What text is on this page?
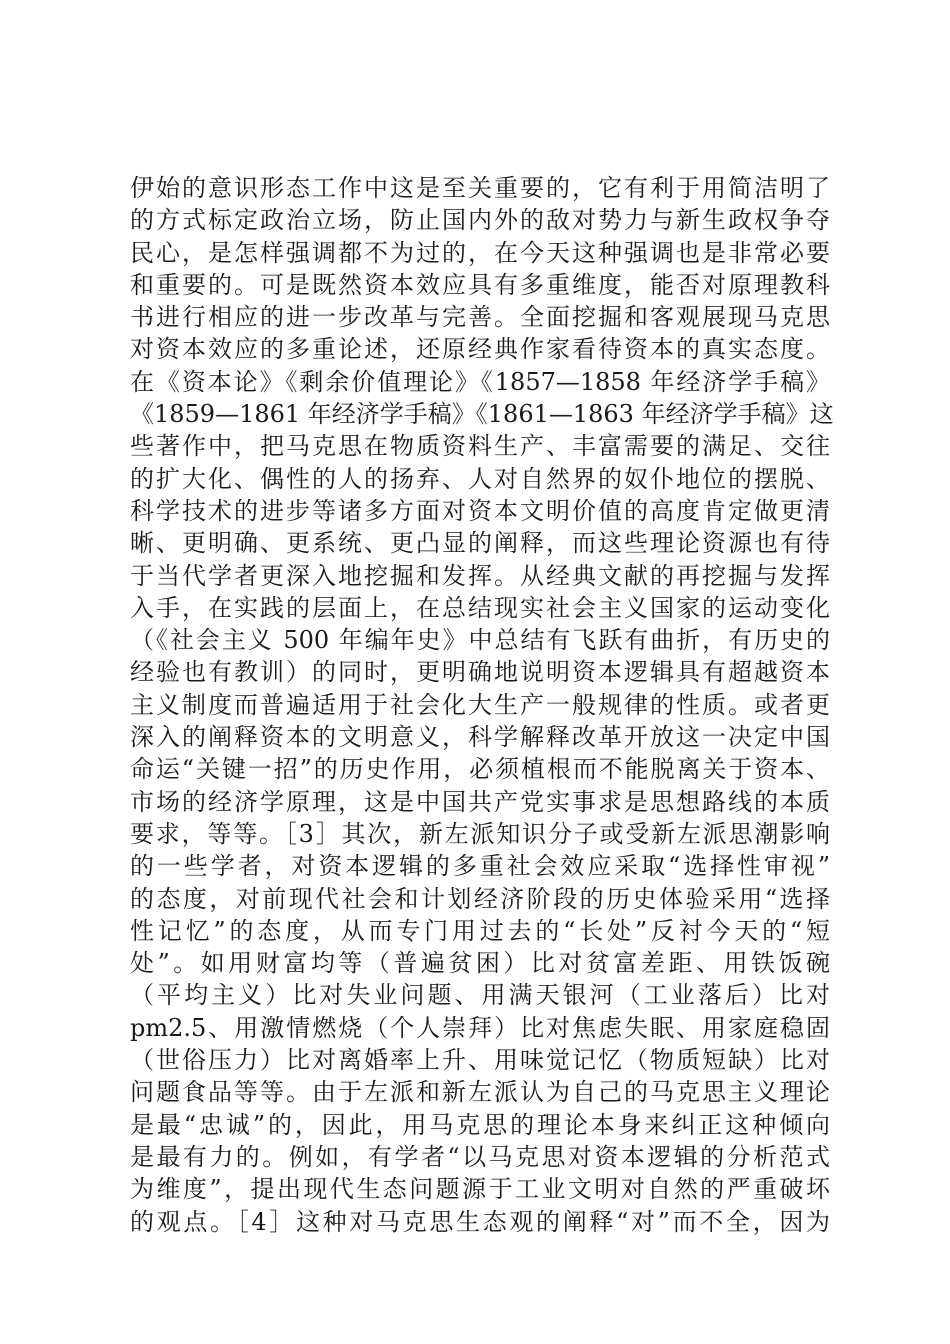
伊始的意识形态工作中这是至关重要的，它有利于用简洁明了
的方式标定政治立场，防止国内外的敌对势力与新生政权争夺
民心，是怎样强调都不为过的，在今天这种强调也是非常必要
和重要的。可是既然资本效应具有多重维度，能否对原理教科
书进行相应的进一步改革与完善。全面挖掘和客观展现马克思
对资本效应的多重论述，还原经典作家看待资本的真实态度。
在《资本论》《剩余价值理论》《1857—1858 年经济学手稿》
《1859—1861 年经济学手稿》《1861—1863 年经济学手稿》这
些著作中，把马克思在物质资料生产、丰富需要的满足、交往
的扩大化、偶性的人的扬弃、人对自然界的奴仆地位的摆脱、
科学技术的进步等诸多方面对资本文明价值的高度肯定做更清
晰、更明确、更系统、更凸显的阐释，而这些理论资源也有待
于当代学者更深入地挖掘和发挥。从经典文献的再挖掘与发挥
入手，在实践的层面上，在总结现实社会主义国家的运动变化
（《社会主义 500 年编年史》中总结有飞跃有曲折，有历史的
经验也有教训）的同时，更明确地说明资本逻辑具有超越资本
主义制度而普遍适用于社会化大生产一般规律的性质。或者更
深入的阐释资本的文明意义，科学解释改革开放这一决定中国
命运“关键一招”的历史作用，必须植根而不能脱离关于资本、
市场的经济学原理，这是中国共产党实事求是思想路线的本质
要求，等等。［3］其次，新左派知识分子或受新左派思潮影响
的一些学者，对资本逻辑的多重社会效应采取“选择性审视”
的态度，对前现代社会和计划经济阶段的历史体验采用“选择
性记忆”的态度，从而专门用过去的“长处”反衬今天的“短
处”。如用财富均等（普遍贫困）比对贫富差距、用铁饭碗
（平均主义）比对失业问题、用满天银河（工业落后）比对
pm2.5、用激情燃烧（个人崇拜）比对焦虑失眠、用家庭稳固
（世俗压力）比对离婚率上升、用味觉记忆（物质短缺）比对
问题食品等等。由于左派和新左派认为自己的马克思主义理论
是最“忠诚”的，因此，用马克思的理论本身来纠正这种倾向
是最有力的。例如，有学者“以马克思对资本逻辑的分析范式
为维度”，提出现代生态问题源于工业文明对自然的严重破坏
的观点。［4］这种对马克思生态观的阐释“对”而不全，因为
